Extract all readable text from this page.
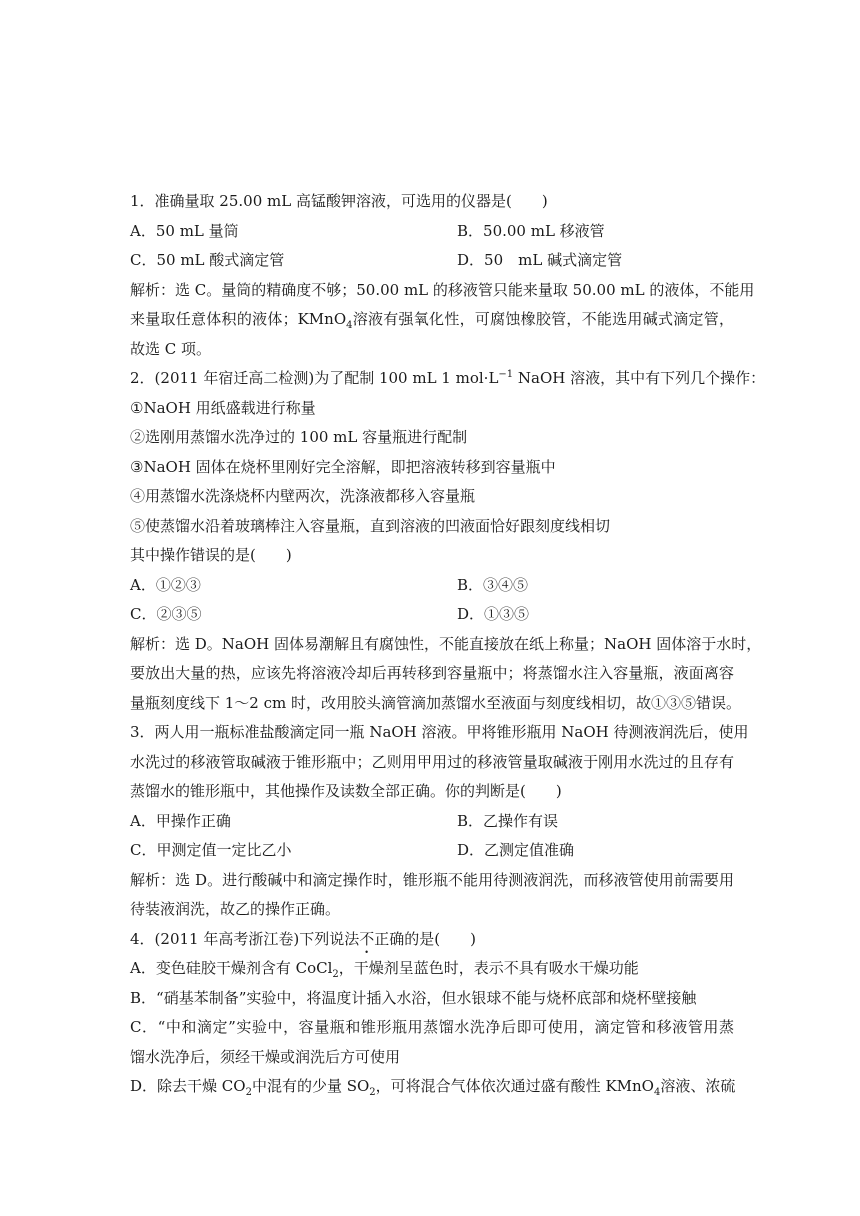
1．准确量取 25.00 mL 高锰酸钾溶液，可选用的仪器是(　　)
A．50 mL 量筒	B．50.00 mL 移液管
C．50 mL 酸式滴定管	D．50　mL 碱式滴定管
解析：选 C。量筒的精确度不够；50.00 mL 的移液管只能来量取 50.00 mL 的液体，不能用
来量取任意体积的液体；KMnO$_4$溶液有强氧化性，可腐蚀橡胶管，不能选用碱式滴定管，
故选 C 项。
2．(2011 年宿迁高二检测)为了配制 100 mL 1 $mol\cdot L^{-1}$ NaOH 溶液，其中有下列几个操作：
①NaOH 用纸盛载进行称量
②选刚用蒸馏水洗净过的 100 mL 容量瓶进行配制
③NaOH 固体在烧杯里刚好完全溶解，即把溶液转移到容量瓶中
④用蒸馏水洗涤烧杯内壁两次，洗涤液都移入容量瓶
⑤使蒸馏水沿着玻璃棒注入容量瓶，直到溶液的凹液面恰好跟刻度线相切
其中操作错误的是(　　)
A．①②③	B．③④⑤
C．②③⑤	D．①③⑤
解析：选 D。NaOH 固体易潮解且有腐蚀性，不能直接放在纸上称量；NaOH 固体溶于水时，
要放出大量的热，应该先将溶液冷却后再转移到容量瓶中；将蒸馏水注入容量瓶，液面离容
量瓶刻度线下 1～2 cm 时，改用胶头滴管滴加蒸馏水至液面与刻度线相切，故①③⑤错误。
3．两人用一瓶标准盐酸滴定同一瓶 NaOH 溶液。甲将锥形瓶用 NaOH 待测液润洗后，使用
水洗过的移液管取碱液于锥形瓶中；乙则用甲用过的移液管量取碱液于刚用水洗过的且存有
蒸馏水的锥形瓶中，其他操作及读数全部正确。你的判断是(　　)
A．甲操作正确	B．乙操作有误
C．甲测定值一定比乙小	D．乙测定值准确
解析：选 D。进行酸碱中和滴定操作时，锥形瓶不能用待测液润洗，而移液管使用前需要用
待装液润洗，故乙的操作正确。
4．(2011 年高考浙江卷)下列说法不正确的是(　　)
A．变色硅胶干燥剂含有 CoCl$_2$，干燥剂呈蓝色时，表示不具有吸水干燥功能
B．“硝基苯制备”实验中，将温度计插入水浴，但水银球不能与烧杯底部和烧杯壁接触
C．“中和滴定”实验中，容量瓶和锥形瓶用蒸馏水洗净后即可使用，滴定管和移液管用蒸
馏水洗净后，须经干燥或润洗后方可使用
D．除去干燥 $CO_2$中混有的少量 $SO_2$，可将混合气体依次通过盛有酸性 KMnO$_4$溶液、浓硫
